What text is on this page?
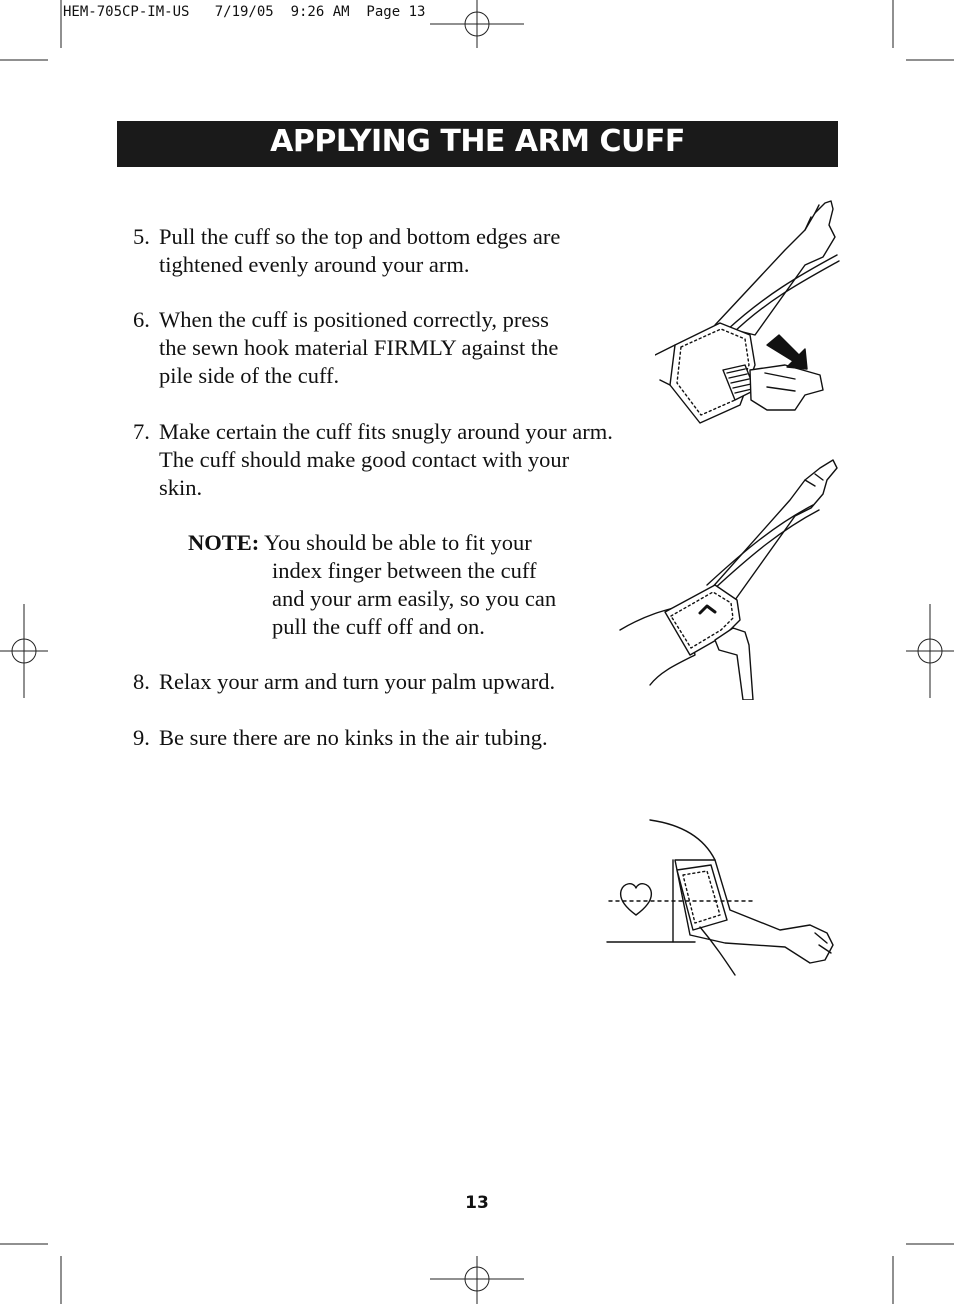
HEM-705CP-IM-US   7/19/05  9:26 AM  Page 13
APPLYING THE ARM CUFF
5. Pull the cuff so the top and bottom edges are
tightened evenly around your arm.
6. When the cuff is positioned correctly, press
the sewn hook material FIRMLY against the
pile side of the cuff.
7. Make certain the cuff fits snugly around your arm.
The cuff should make good contact with your
skin.
8. Relax your arm and turn your palm upward.
9. Be sure there are no kinks in the air tubing.
NOTE: You should be able to fit your
index finger between the cuff
and your arm easily, so you can
pull the cuff off and on.
13
